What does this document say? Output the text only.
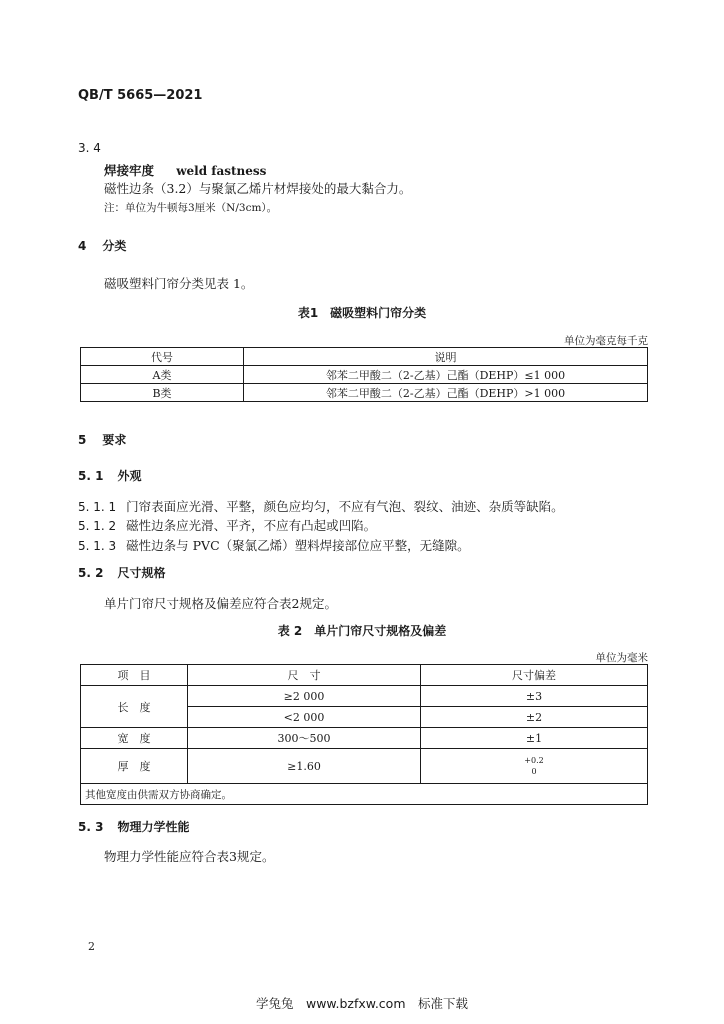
QB/T 5665—2021
3. 4
焊接牢度 weld fastness
磁性边条（3.2）与聚氯乙烯片材焊接处的最大黏合力。
注：单位为牛顿每3厘米（N/3cm）。
4 分类
磁吸塑料门帘分类见表 1。
表1　磁吸塑料门帘分类
单位为毫克每千克
代号	说明
A类	邻苯二甲酸二（2-乙基）己酯（DEHP）≤1 000
B类	邻苯二甲酸二（2-乙基）己酯（DEHP）>1 000
5 要求
5. 1 外观
5. 1. 1 门帘表面应光滑、平整，颜色应均匀，不应有气泡、裂纹、油迹、杂质等缺陷。
5. 1. 2 磁性边条应光滑、平齐，不应有凸起或凹陷。
5. 1. 3 磁性边条与 PVC（聚氯乙烯）塑料焊接部位应平整，无缝隙。
5. 2 尺寸规格
单片门帘尺寸规格及偏差应符合表2规定。
表 2　单片门帘尺寸规格及偏差
单位为毫米
项　目	尺　寸	尺寸偏差
长　度	≥2 000	±3
	<2 000	±2
宽　度	300～500	±1
厚　度	≥1.60	+0.2
0
其他宽度由供需双方协商确定。		
5. 3 物理力学性能
物理力学性能应符合表3规定。
2
学兔兔　www.bzfxw.com　标准下载
